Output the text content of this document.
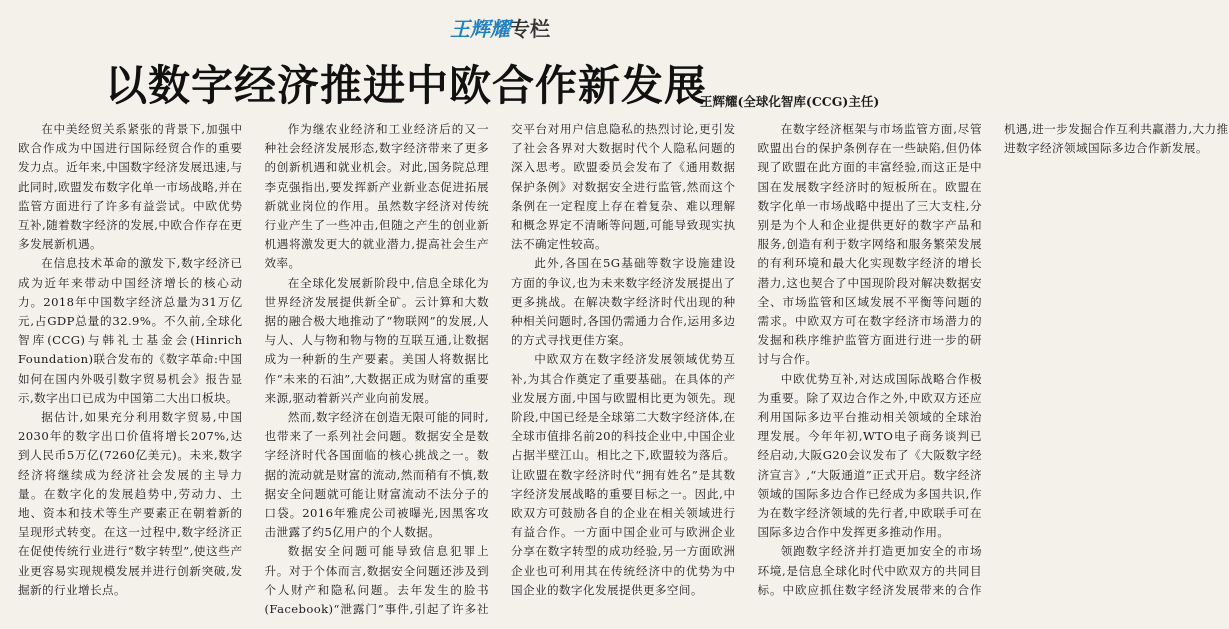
王辉耀专栏
以数字经济推进中欧合作新发展
王辉耀(全球化智库(CCG)主任)

在中美经贸关系紧张的背景下,加强中欧合作成为中国进行国际经贸合作的重要发力点。近年来,中国数字经济发展迅速,与此同时,欧盟发布数字化单一市场战略,并在监管方面进行了许多有益尝试。中欧优势互补,随着数字经济的发展,中欧合作存在更多发展新机遇。

在信息技术革命的激发下,数字经济已成为近年来带动中国经济增长的核心动力。2018年中国数字经济总量为31万亿元,占GDP总量的32.9%。不久前,全球化智库(CCG)与韩礼士基金会(Hinrich Foundation)联合发布的《数字革命:中国如何在国内外吸引数字贸易机会》报告显示,数字出口已成为中国第二大出口板块。

据估计,如果充分利用数字贸易,中国2030年的数字出口价值将增长207%,达到人民币5万亿(7260亿美元)。未来,数字经济将继续成为经济社会发展的主导力量。在数字化的发展趋势中,劳动力、土地、资本和技术等生产要素正在朝着新的呈现形式转变。在这一过程中,数字经济正在促使传统行业进行“数字转型”,使这些产业更容易实现规模发展并进行创新突破,发掘新的行业增长点。

作为继农业经济和工业经济后的又一种社会经济发展形态,数字经济带来了更多的创新机遇和就业机会。对此,国务院总理李克强指出,要发挥新产业新业态促进拓展新就业岗位的作用。虽然数字经济对传统行业产生了一些冲击,但随之产生的创业新机遇将激发更大的就业潜力,提高社会生产效率。

在全球化发展新阶段中,信息全球化为世界经济发展提供新全矿。云计算和大数据的融合极大地推动了“物联网”的发展,人与人、人与物和物与物的互联互通,让数据成为一种新的生产要素。美国人将数据比作“未来的石油”,大数据正成为财富的重要来源,驱动着新兴产业向前发展。

然而,数字经济在创造无限可能的同时,也带来了一系列社会问题。数据安全是数字经济时代各国面临的核心挑战之一。数据的流动就是财富的流动,然而稍有不慎,数据安全问题就可能让财富流动不法分子的口袋。2016年雅虎公司被曝光,因黑客攻击泄露了约5亿用户的个人数据。

数据安全问题可能导致信息犯罪上升。对于个体而言,数据安全问题还涉及到个人财产和隐私问题。去年发生的脸书(Facebook)“泄露门”事件,引起了许多社交平台对用户信息隐私的热烈讨论,更引发了社会各界对大数据时代个人隐私问题的深入思考。欧盟委员会发布了《通用数据保护条例》对数据安全进行监管,然而这个条例在一定程度上存在着复杂、难以理解和概念界定不清晰等问题,可能导致现实执法不确定性较高。

此外,各国在5G基础等数字设施建设方面的争议,也为未来数字经济发展提出了更多挑战。在解决数字经济时代出现的种种相关问题时,各国仍需通力合作,运用多边的方式寻找更佳方案。

中欧双方在数字经济发展领域优势互补,为其合作奠定了重要基础。在具体的产业发展方面,中国与欧盟相比更为领先。现阶段,中国已经是全球第二大数字经济体,在全球市值排名前20的科技企业中,中国企业占据半壁江山。相比之下,欧盟较为落后。让欧盟在数字经济时代“拥有姓名”是其数字经济发展战略的重要目标之一。因此,中欧双方可鼓励各自的企业在相关领域进行有益合作。一方面中国企业可与欧洲企业分享在数字转型的成功经验,另一方面欧洲企业也可利用其在传统经济中的优势为中国企业的数字化发展提供更多空间。

在数字经济框架与市场监管方面,尽管欧盟出台的保护条例存在一些缺陷,但仍体现了欧盟在此方面的丰富经验,而这正是中国在发展数字经济时的短板所在。欧盟在数字化单一市场战略中提出了三大支柱,分别是为个人和企业提供更好的数字产品和服务,创造有利于数字网络和服务繁荣发展的有利环境和最大化实现数字经济的增长潜力,这也契合了中国现阶段对解决数据安全、市场监管和区域发展不平衡等问题的需求。中欧双方可在数字经济市场潜力的发掘和秩序维护监管方面进行进一步的研讨与合作。

中欧优势互补,对达成国际战略合作极为重要。除了双边合作之外,中欧双方还应利用国际多边平台推动相关领域的全球治理发展。今年年初,WTO电子商务谈判已经启动,大阪G20会议发布了《大阪数字经济宣言》,“大阪通道”正式开启。数字经济领域的国际多边合作已经成为多国共识,作为在数字经济领域的先行者,中欧联手可在国际多边合作中发挥更多推动作用。

领跑数字经济并打造更加安全的市场环境,是信息全球化时代中欧双方的共同目标。中欧应抓住数字经济发展带来的合作机遇,进一步发掘合作互利共赢潜力,大力推进数字经济领域国际多边合作新发展。
